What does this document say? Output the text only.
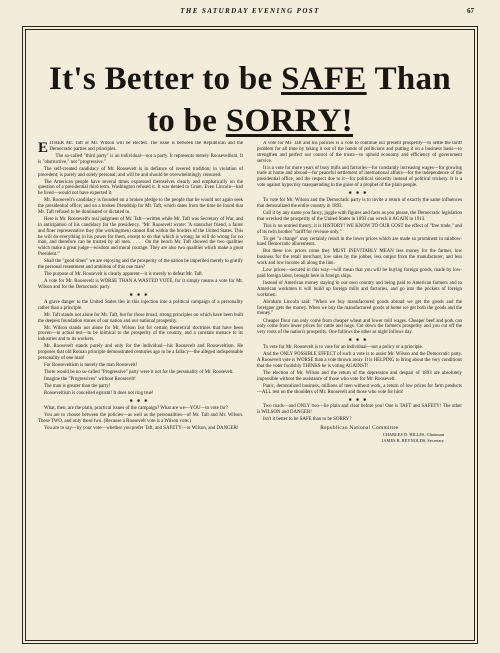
THE SATURDAY EVENING POST	67
It's Better to be SAFE Than
to be SORRY!

EITHER Mr. Taft or Mr. Wilson will be elected. The issue is between the Republican and the Democratic parties and principles.

The so-called "third party" is an individual—not a party. It represents merely Rooseveltism. It is "obstructive," not "progressive."

The self-created candidacy of Mr. Roosevelt is in defiance of revered tradition; in violation of precedent; is purely and solely personal; and will be and should be overwhelmingly censured.

The American people have several times expressed themselves clearly and emphatically on the question of a presidential third term. Washington refused it. It was denied to Grant. Even Lincoln—had he lived—would not have expected it.

Mr. Roosevelt's candidacy is founded on a broken pledge to the people that he would not again seek the presidential office; and on a broken friendship for Mr. Taft, which dates from the time he found that Mr. Taft refused to be dominated or dictated to.

Here is Mr. Roosevelt's real judgment of Mr. Taft—written while Mr. Taft was Secretary of War, and in anticipation of his candidacy for the presidency. "Mr. Roosevelt wrote: 'A stauncher friend, a fairer and finer representative they (the workingmen) cannot find within the borders of the United States. This he will do everything in his power for them, except to do that which is wrong; he will do wrong for no man, and therefore can be trusted by all men. . . . . On the bench Mr. Taft showed the two qualities which make a great judge—wisdom and moral courage. They are also two qualities which make a great President.'"

Shall the "good times" we are enjoying and the prosperity of the nation be imperiled merely to gratify the personal resentment and ambition of this one man?

The purpose of Mr. Roosevelt is clearly apparent—it is merely to defeat Mr. Taft.

A vote for Mr. Roosevelt is WORSE THAN A WASTED VOTE, for it simply means a vote for Mr. Wilson and for the Democratic party.

✱✱✱

A grave danger to the United States lies in this injection into a political campaign of a personality rather than a principle.

Mr. Taft stands not alone for Mr. Taft, but for those broad, strong principles on which have been built the deepest foundation stones of our nation and our national prosperity.

Mr. Wilson stands not alone for Mr. Wilson but for certain theoretical doctrines that have been proven—in actual test—to be inimical to the prosperity of the country, and a constant menace to its industries and to its workers.

Mr. Roosevelt stands purely and only for the individual—his Roosevelt and Rooseveltism. He proposes that old Roman principle demonstrated centuries ago to be a fallacy—the alleged indispensable personality of one man!

For Rooseveltism is merely the man Roosevelt!

There would be no so-called "Progressive" party were it not for the personality of Mr. Roosevelt.

Imagine the "Progressives" without Roosevelt!

The man is greater than the party!

Rooseveltism is conceited egoism! It does not ring true!

✱✱✱

What, then, are the plain, practical issues of the campaign? What are we—YOU—to vote for?

You are to choose between the policies—as well as the personalities—of Mr. Taft and Mr. Wilson. These TWO, and only these two. (Because a Roosevelt vote is a Wilson vote.)

You are to say—by your vote—whether you prefer Taft, and SAFETY—or Wilson, and DANGER!

A vote for Mr. Taft and his policies is a vote to continue our present prosperity—to settle the tariff problem for all time by taking it out of the hands of politicians and putting it on a business basis—to strengthen and perfect our control of the trusts—to uphold economy and efficiency of government service.

It is a vote for more years of busy mills and factories—for constantly increasing wages—for growing trade at home and abroad—for peaceful settlement of international affairs—for the independence of the presidential office, and the respect due to it—for political sincerity instead of political trickery. It is a vote against hypocrisy masquerading in the guise of a prophet of the plain people.

✱✱✱

To vote for Mr. Wilson and the Democratic party is to invite a return of exactly the same influences that demoralized the entire country in 1893.

Call it by any name you fancy, juggle with figures and facts as you please, the Democratic legislation that wrecked the prosperity of the United States in 1893 can wreck it AGAIN in 1913.

This is no untried theory; it is HISTORY! WE KNOW TO OUR COST the effect of "free trade," and of its twin brother "tariff for revenue only."

To get "a change" may certainly result in the lower prices which are made so prominent in rainbow-hued Democratic allurements.

But these low prices come they MUST INEVITABLY MEAN less money for the farmer, low business for the retail merchant, low sales by the jobber, less output from the manufacturer, and less work and low income all along the line.

Low prices—secured in this way—will mean that you will be buying foreign goods, made by low-paid foreign labor, brought here in foreign ships.

Instead of American money staying in our own country and being paid to American farmers and to American workmen it will build up foreign mills and factories, and go into the pockets of foreign workmen.

Abraham Lincoln said: "When we buy manufactured goods abroad we get the goods and the foreigner gets the money. When we buy the manufactured goods at home we get both the goods and the money."

Cheaper flour can only come from cheaper wheat and lower mill wages. Cheaper beef and pork can only come from lower prices for cattle and hogs. Cut down the farmer's prosperity and you cut off the very roots of the nation's prosperity. One follows the other as night follows day.

✱✱✱

To vote for Mr. Roosevelt is to vote for an individual—not a policy or a principle.

And the ONLY POSSIBLE EFFECT of such a vote is to assist Mr. Wilson and the Democratic party. A Roosevelt vote is WORSE than a vote thrown away. It is HELPING to bring about the very conditions that the voter foolishly THINKS he is voting AGAINST!

The election of Mr. Wilson and the return of the depression and despair of 1893 are absolutely impossible without the assistance of those who vote for Mr. Roosevelt.

Panic, demoralized business, millions of men without work, a return of low prices for farm products—ALL rest on the shoulders of Mr. Roosevelt and those who vote for him!

✱✱✱

Two roads—and ONLY two—lie plain and clear before you! One is TAFT and SAFETY! The other is WILSON and DANGER!

Isn't it better to be SAFE than to be SORRY?

Republican National Committee
CHARLES D. HILLES, Chairman
JAMES B. REYNOLDS, Secretary
